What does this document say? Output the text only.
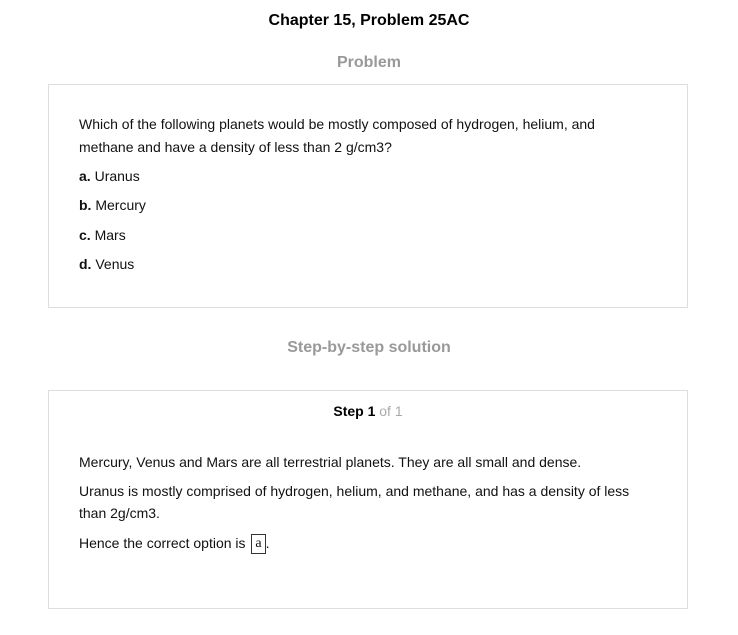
Chapter 15, Problem 25AC
Problem

Which of the following planets would be mostly composed of hydrogen, helium, and methane and have a density of less than 2 g/cm3?

a. Uranus
b. Mercury
c. Mars
d. Venus
Step-by-step solution
Step 1 of 1

Mercury, Venus and Mars are all terrestrial planets. They are all small and dense.

Uranus is mostly comprised of hydrogen, helium, and methane, and has a density of less than 2g/cm3.

Hence the correct option is a .
